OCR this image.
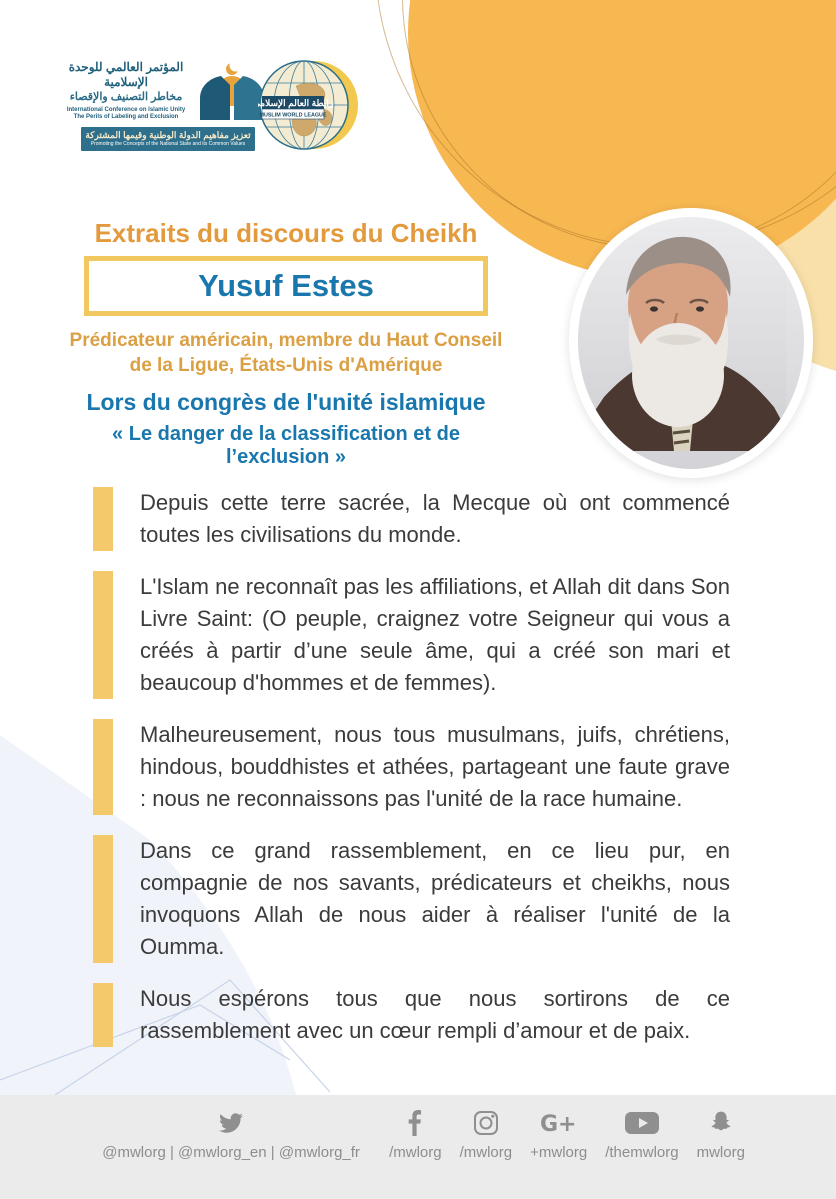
المؤتمر العالمي للوحدة الإسلامية
مخاطر التصنيف والإقصاء
International Conference on Islamic Unity
The Perils of Labeling and Exclusion
تعزيز مفاهيم الدولة الوطنية وقيمها المشتركة
Promoting the Concepts of the National State and its Common Values
رابطة العالم الإسلامي
MUSLIM WORLD LEAGUE
Extraits du discours du Cheikh
Yusuf Estes
Prédicateur américain, membre du Haut Conseil de la Ligue, États-Unis d'Amérique
Lors du congrès de l'unité islamique
« Le danger de la classification et de l’exclusion »
Depuis cette terre sacrée, la Mecque où ont commencé toutes les civilisations du monde.
L'Islam ne reconnaît pas les affiliations, et Allah dit dans Son Livre Saint: (O peuple, craignez votre Seigneur qui vous a créés à partir d’une seule âme, qui a créé son mari et beaucoup d'hommes et de femmes).
Malheureusement, nous tous musulmans, juifs, chrétiens, hindous, bouddhistes et athées, partageant une faute grave : nous ne reconnaissons pas l'unité de la race humaine.
Dans ce grand rassemblement, en ce lieu pur, en compagnie de nos savants, prédicateurs et cheikhs, nous invoquons Allah de nous aider à réaliser l'unité de la Oumma.
Nous espérons tous que nous sortirons de ce rassemblement avec un cœur rempli d’amour et de paix.
@mwlorg | @mwlorg_en | @mwlorg_fr /mwlorg /mwlorg
G+
+mwlorg /themwlorg mwlorg
